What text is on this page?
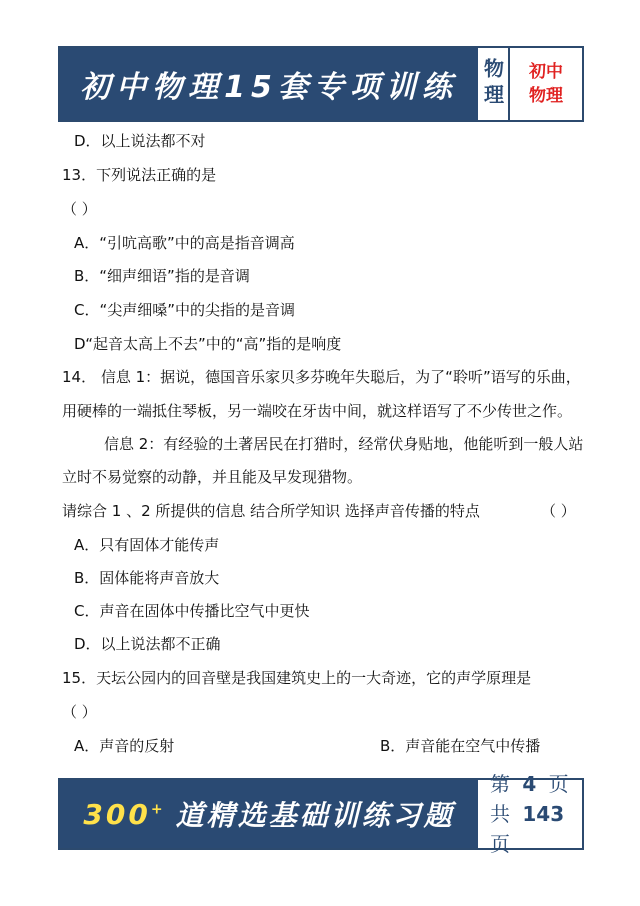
初中物理15套专项训练	物理 初中
物理
D．以上说法都不对
13．下列说法正确的是
（ ）
A．“引吭高歌”中的高是指音调高
B．“细声细语”指的是音调
C．“尖声细嗓”中的尖指的是音调
D“起音太高上不去”中的“高”指的是响度
14． 信息 1：据说，德国音乐家贝多芬晚年失聪后，为了“聆听”语写的乐曲，
用硬棒的一端抵住琴板，另一端咬在牙齿中间，就这样语写了不少传世之作。
信息 2：有经验的土著居民在打猎时，经常伏身贴地，他能听到一般人站
立时不易觉察的动静，并且能及早发现猎物。
请综合 1 、2 所提供的信息 结合所学知识 选择声音传播的特点	（ ）
A．只有固体才能传声
B．固体能将声音放大
C．声音在固体中传播比空气中更快
D．以上说法都不正确
15．天坛公园内的回音壁是我国建筑史上的一大奇迹，它的声学原理是
（ ）
A．声音的反射	B．声音能在空气中传播
300+ 道精选基础训练习题
第 4 页
共 143 页
